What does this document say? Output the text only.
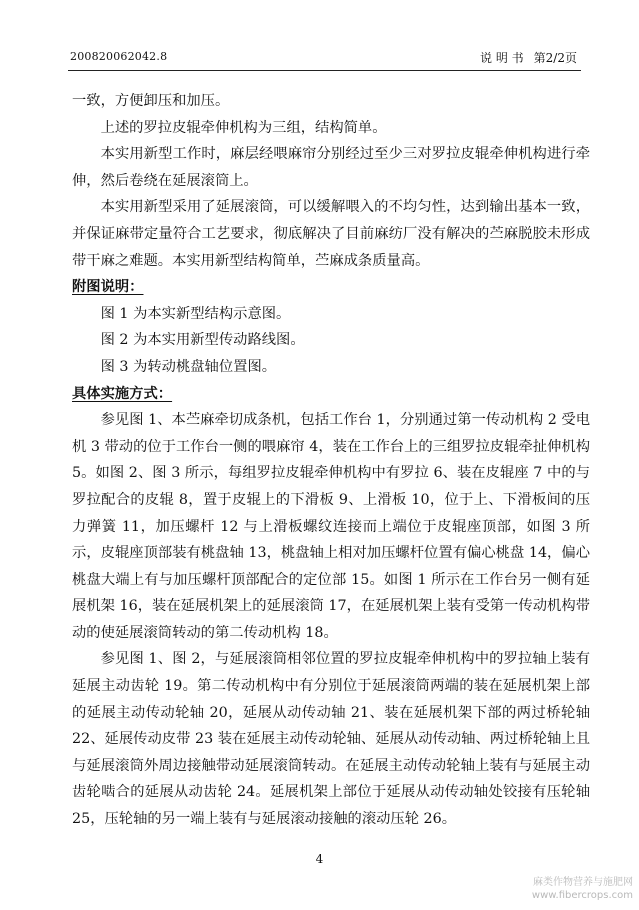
200820062042.8	说 明 书 第2/2页

一致，方便卸压和加压。

上述的罗拉皮辊牵伸机构为三组，结构简单。

本实用新型工作时，麻层经喂麻帘分别经过至少三对罗拉皮辊牵伸机构进行牵伸，然后卷绕在延展滚筒上。

本实用新型采用了延展滚筒，可以缓解喂入的不均匀性，达到输出基本一致，并保证麻带定量符合工艺要求，彻底解决了目前麻纺厂没有解决的苎麻脱胶未形成带干麻之难题。本实用新型结构简单，苎麻成条质量高。

附图说明：

图 1 为本实新型结构示意图。

图 2 为本实用新型传动路线图。

图 3 为转动桃盘轴位置图。

具体实施方式：

参见图 1、本苎麻牵切成条机，包括工作台 1，分别通过第一传动机构 2 受电机 3 带动的位于工作台一侧的喂麻帘 4，装在工作台上的三组罗拉皮辊牵扯伸机构 5。如图 2、图 3 所示，每组罗拉皮辊牵伸机构中有罗拉 6、装在皮辊座 7 中的与罗拉配合的皮辊 8，置于皮辊上的下滑板 9、上滑板 10，位于上、下滑板间的压力弹簧 11，加压螺杆 12 与上滑板螺纹连接而上端位于皮辊座顶部，如图 3 所示，皮辊座顶部装有桃盘轴 13，桃盘轴上相对加压螺杆位置有偏心桃盘 14，偏心桃盘大端上有与加压螺杆顶部配合的定位部 15。如图 1 所示在工作台另一侧有延展机架 16，装在延展机架上的延展滚筒 17，在延展机架上装有受第一传动机构带动的使延展滚筒转动的第二传动机构 18。

参见图 1、图 2，与延展滚筒相邻位置的罗拉皮辊牵伸机构中的罗拉轴上装有延展主动齿轮 19。第二传动机构中有分别位于延展滚筒两端的装在延展机架上部的延展主动传动轮轴 20，延展从动传动轴 21、装在延展机架下部的两过桥轮轴 22、延展传动皮带 23 装在延展主动传动轮轴、延展从动传动轴、两过桥轮轴上且与延展滚筒外周边接触带动延展滚筒转动。在延展主动传动轮轴上装有与延展主动齿轮啮合的延展从动齿轮 24。延展机架上部位于延展从动传动轴处铰接有压轮轴 25，压轮轴的另一端上装有与延展滚动接触的滚动压轮 26。

4
麻类作物营养与施肥网
www.fibercrops.com
